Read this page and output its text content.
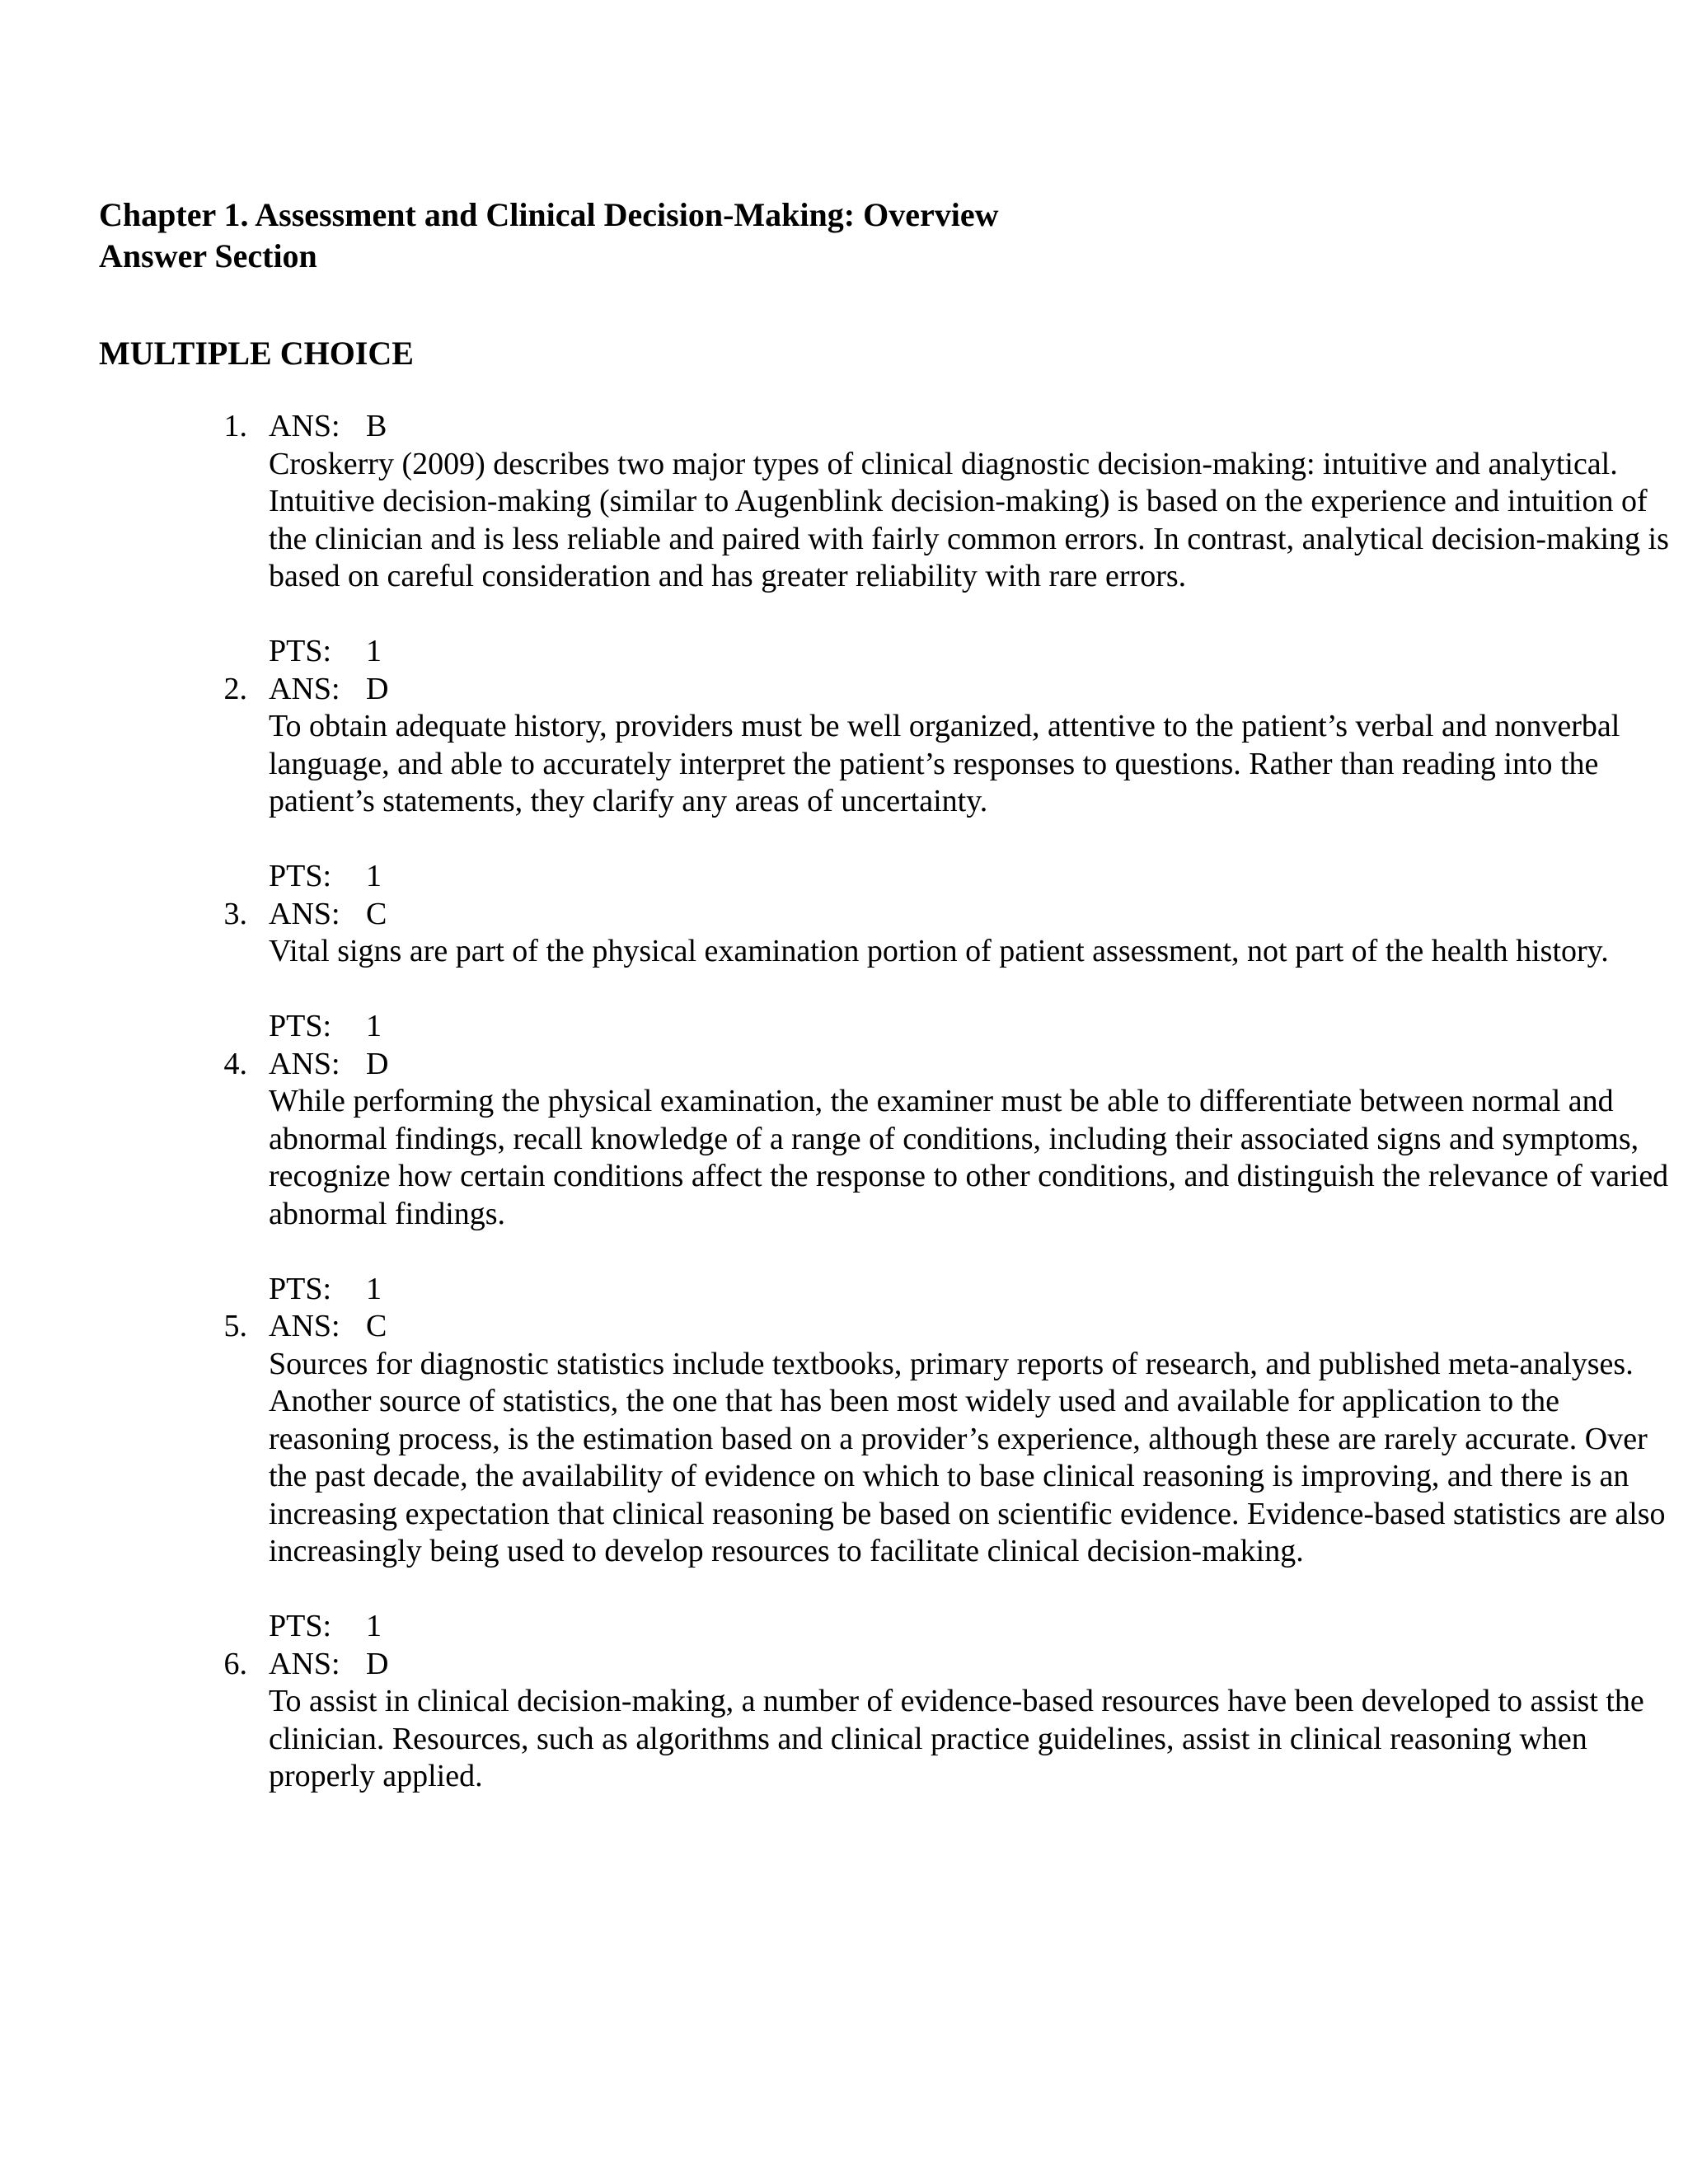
Chapter 1. Assessment and Clinical Decision-Making: Overview
Answer Section
MULTIPLE CHOICE
1. ANS: B

Croskerry (2009) describes two major types of clinical diagnostic decision-making: intuitive and analytical. Intuitive decision-making (similar to Augenblink decision-making) is based on the experience and intuition of the clinician and is less reliable and paired with fairly common errors. In contrast, analytical decision-making is based on careful consideration and has greater reliability with rare errors.

PTS: 1
2. ANS: D

To obtain adequate history, providers must be well organized, attentive to the patient’s verbal and nonverbal language, and able to accurately interpret the patient’s responses to questions. Rather than reading into the patient’s statements, they clarify any areas of uncertainty.

PTS: 1
3. ANS: C

Vital signs are part of the physical examination portion of patient assessment, not part of the health history.

PTS: 1
4. ANS: D

While performing the physical examination, the examiner must be able to differentiate between normal and abnormal findings, recall knowledge of a range of conditions, including their associated signs and symptoms, recognize how certain conditions affect the response to other conditions, and distinguish the relevance of varied abnormal findings.

PTS: 1
5. ANS: C

Sources for diagnostic statistics include textbooks, primary reports of research, and published meta-analyses. Another source of statistics, the one that has been most widely used and available for application to the reasoning process, is the estimation based on a provider’s experience, although these are rarely accurate. Over the past decade, the availability of evidence on which to base clinical reasoning is improving, and there is an increasing expectation that clinical reasoning be based on scientific evidence. Evidence-based statistics are also increasingly being used to develop resources to facilitate clinical decision-making.

PTS: 1
6. ANS: D

To assist in clinical decision-making, a number of evidence-based resources have been developed to assist the clinician. Resources, such as algorithms and clinical practice guidelines, assist in clinical reasoning when properly applied.
